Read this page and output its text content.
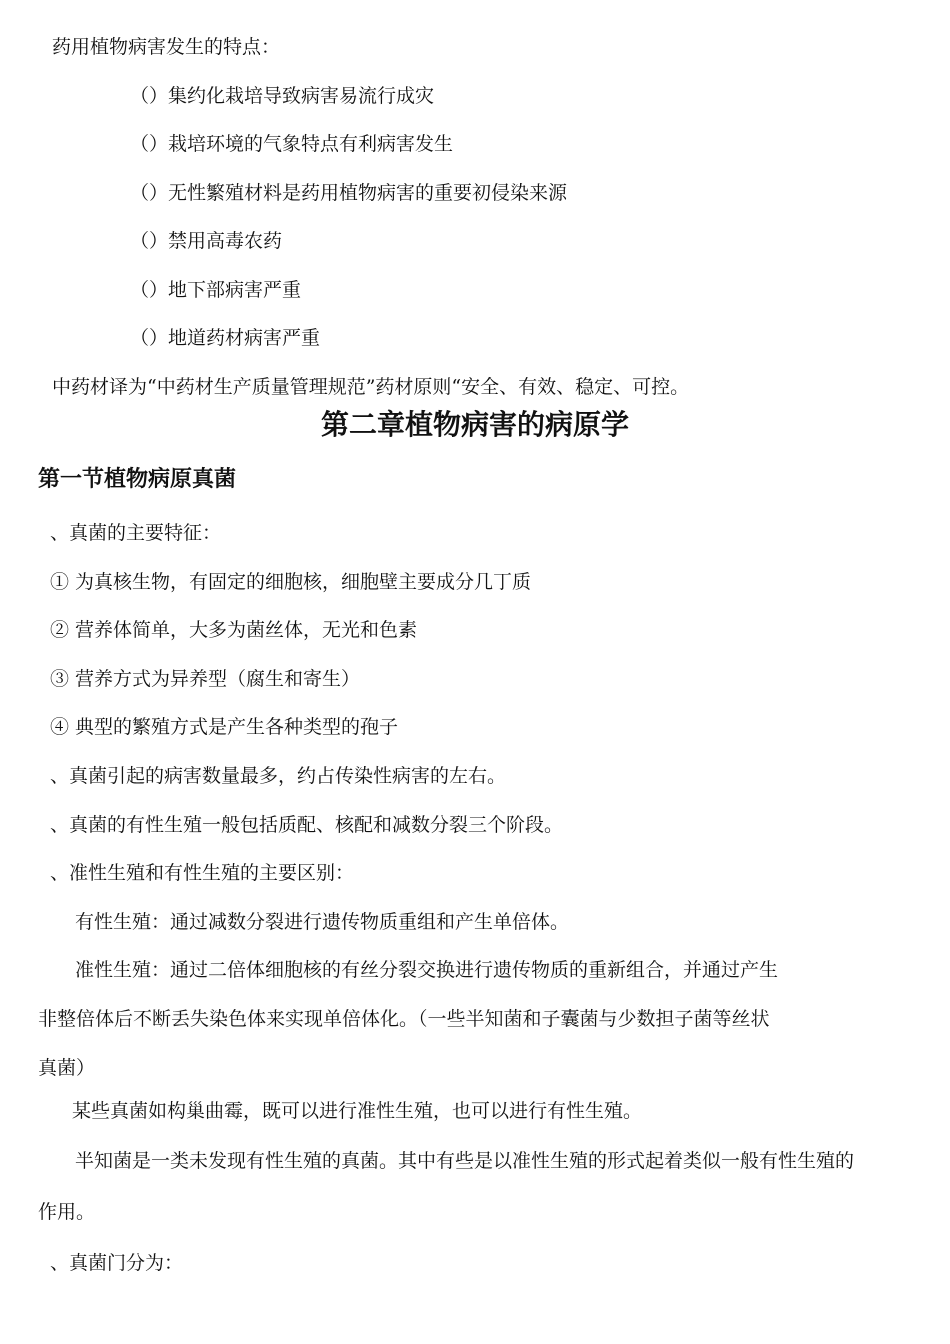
药用植物病害发生的特点：
（）集约化栽培导致病害易流行成灾
（）栽培环境的气象特点有利病害发生
（）无性繁殖材料是药用植物病害的重要初侵染来源
（）禁用高毒农药
（）地下部病害严重
（）地道药材病害严重
中药材译为“中药材生产质量管理规范”药材原则“安全、有效、稳定、可控。
第二章植物病害的病原学
第一节植物病原真菌
、真菌的主要特征：
① 为真核生物，有固定的细胞核，细胞壁主要成分几丁质
② 营养体简单，大多为菌丝体，无光和色素
③ 营养方式为异养型（腐生和寄生）
④ 典型的繁殖方式是产生各种类型的孢子
、真菌引起的病害数量最多，约占传染性病害的左右。
、真菌的有性生殖一般包括质配、核配和减数分裂三个阶段。
、准性生殖和有性生殖的主要区别：
有性生殖：通过减数分裂进行遗传物质重组和产生单倍体。
准性生殖：通过二倍体细胞核的有丝分裂交换进行遗传物质的重新组合，并通过产生
非整倍体后不断丢失染色体来实现单倍体化。（一些半知菌和子囊菌与少数担子菌等丝状
真菌）
某些真菌如构巢曲霉，既可以进行准性生殖，也可以进行有性生殖。
半知菌是一类未发现有性生殖的真菌。其中有些是以准性生殖的形式起着类似一般有性生殖的
作用。
、真菌门分为：
